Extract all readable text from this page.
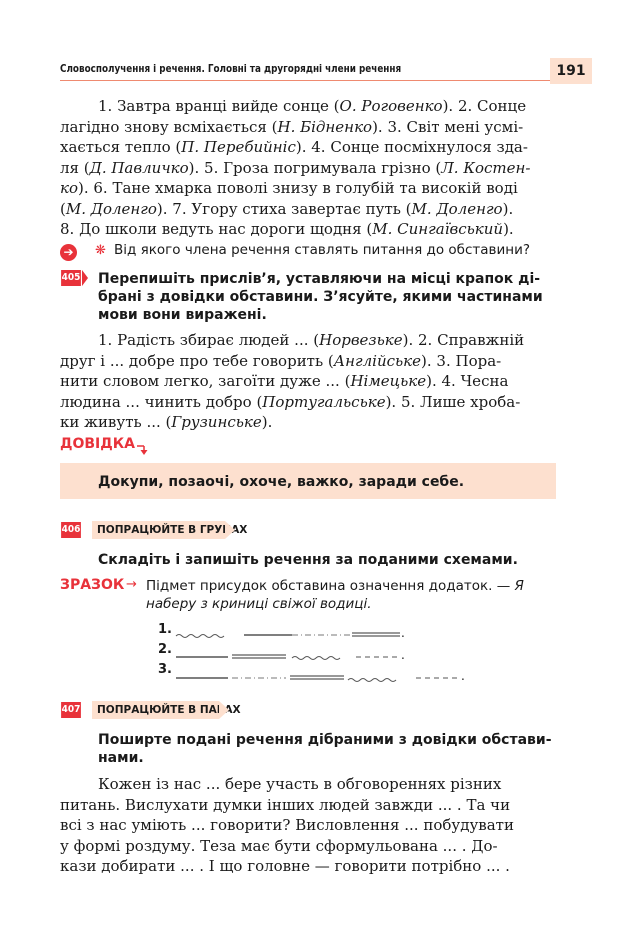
Словосполучення і речення. Головні та другорядні члени речення	191
1. Завтра вранці вийде сонце (О. Роговенко). 2. Сонце
лагідно знову всміхається (Н. Бідненко). 3. Світ мені усмі-
хається тепло (П. Перебийніс). 4. Сонце посміхнулося зда-
ля (Д. Павличко). 5. Гроза погримувала грізно (Л. Костен-
ко). 6. Тане хмарка поволі знизу в голубій та високій воді
(М. Доленго). 7. Угору стиха завертає путь (М. Доленго).
8. До школи ведуть нас дороги щодня (М. Сингаївський).
➔ ❋ Від якого члена речення ставлять питання до обставини?
405 Перепишіть прислів’я, уставляючи на місці крапок ді-
брані з довідки обставини. З’ясуйте, якими частинами
мови вони виражені.
1. Радість збирає людей ... (Норвезьке). 2. Справжній
друг і ... добре про тебе говорить (Англійське). 3. Пора-
нити словом легко, загоїти дуже ... (Німецьке). 4. Чесна
людина ... чинить добро (Португальське). 5. Лише хроба-
ки живуть ... (Грузинське).
ДОВІДКА
Докупи, позаочі, охоче, важко, заради себе.
406	ПОПРАЦЮЙТЕ В ГРУПАХ
Складіть і запишіть речення за поданими схемами.
ЗРАЗОК → Підмет присудок обставина означення додаток. — Я
наберу з криниці свіжої водиці.
1.
2.
3.
.
.
.
407	ПОПРАЦЮЙТЕ В ПАРАХ
Поширте подані речення дібраними з довідки обстави-
нами.
Кожен із нас ... бере участь в обговореннях різних
питань. Вислухати думки інших людей завжди ... . Та чи
всі з нас уміють ... говорити? Висловлення ... побудувати
у формі роздуму. Теза має бути сформульована ... . До-
кази добирати ... . І що головне — говорити потрібно ... .
